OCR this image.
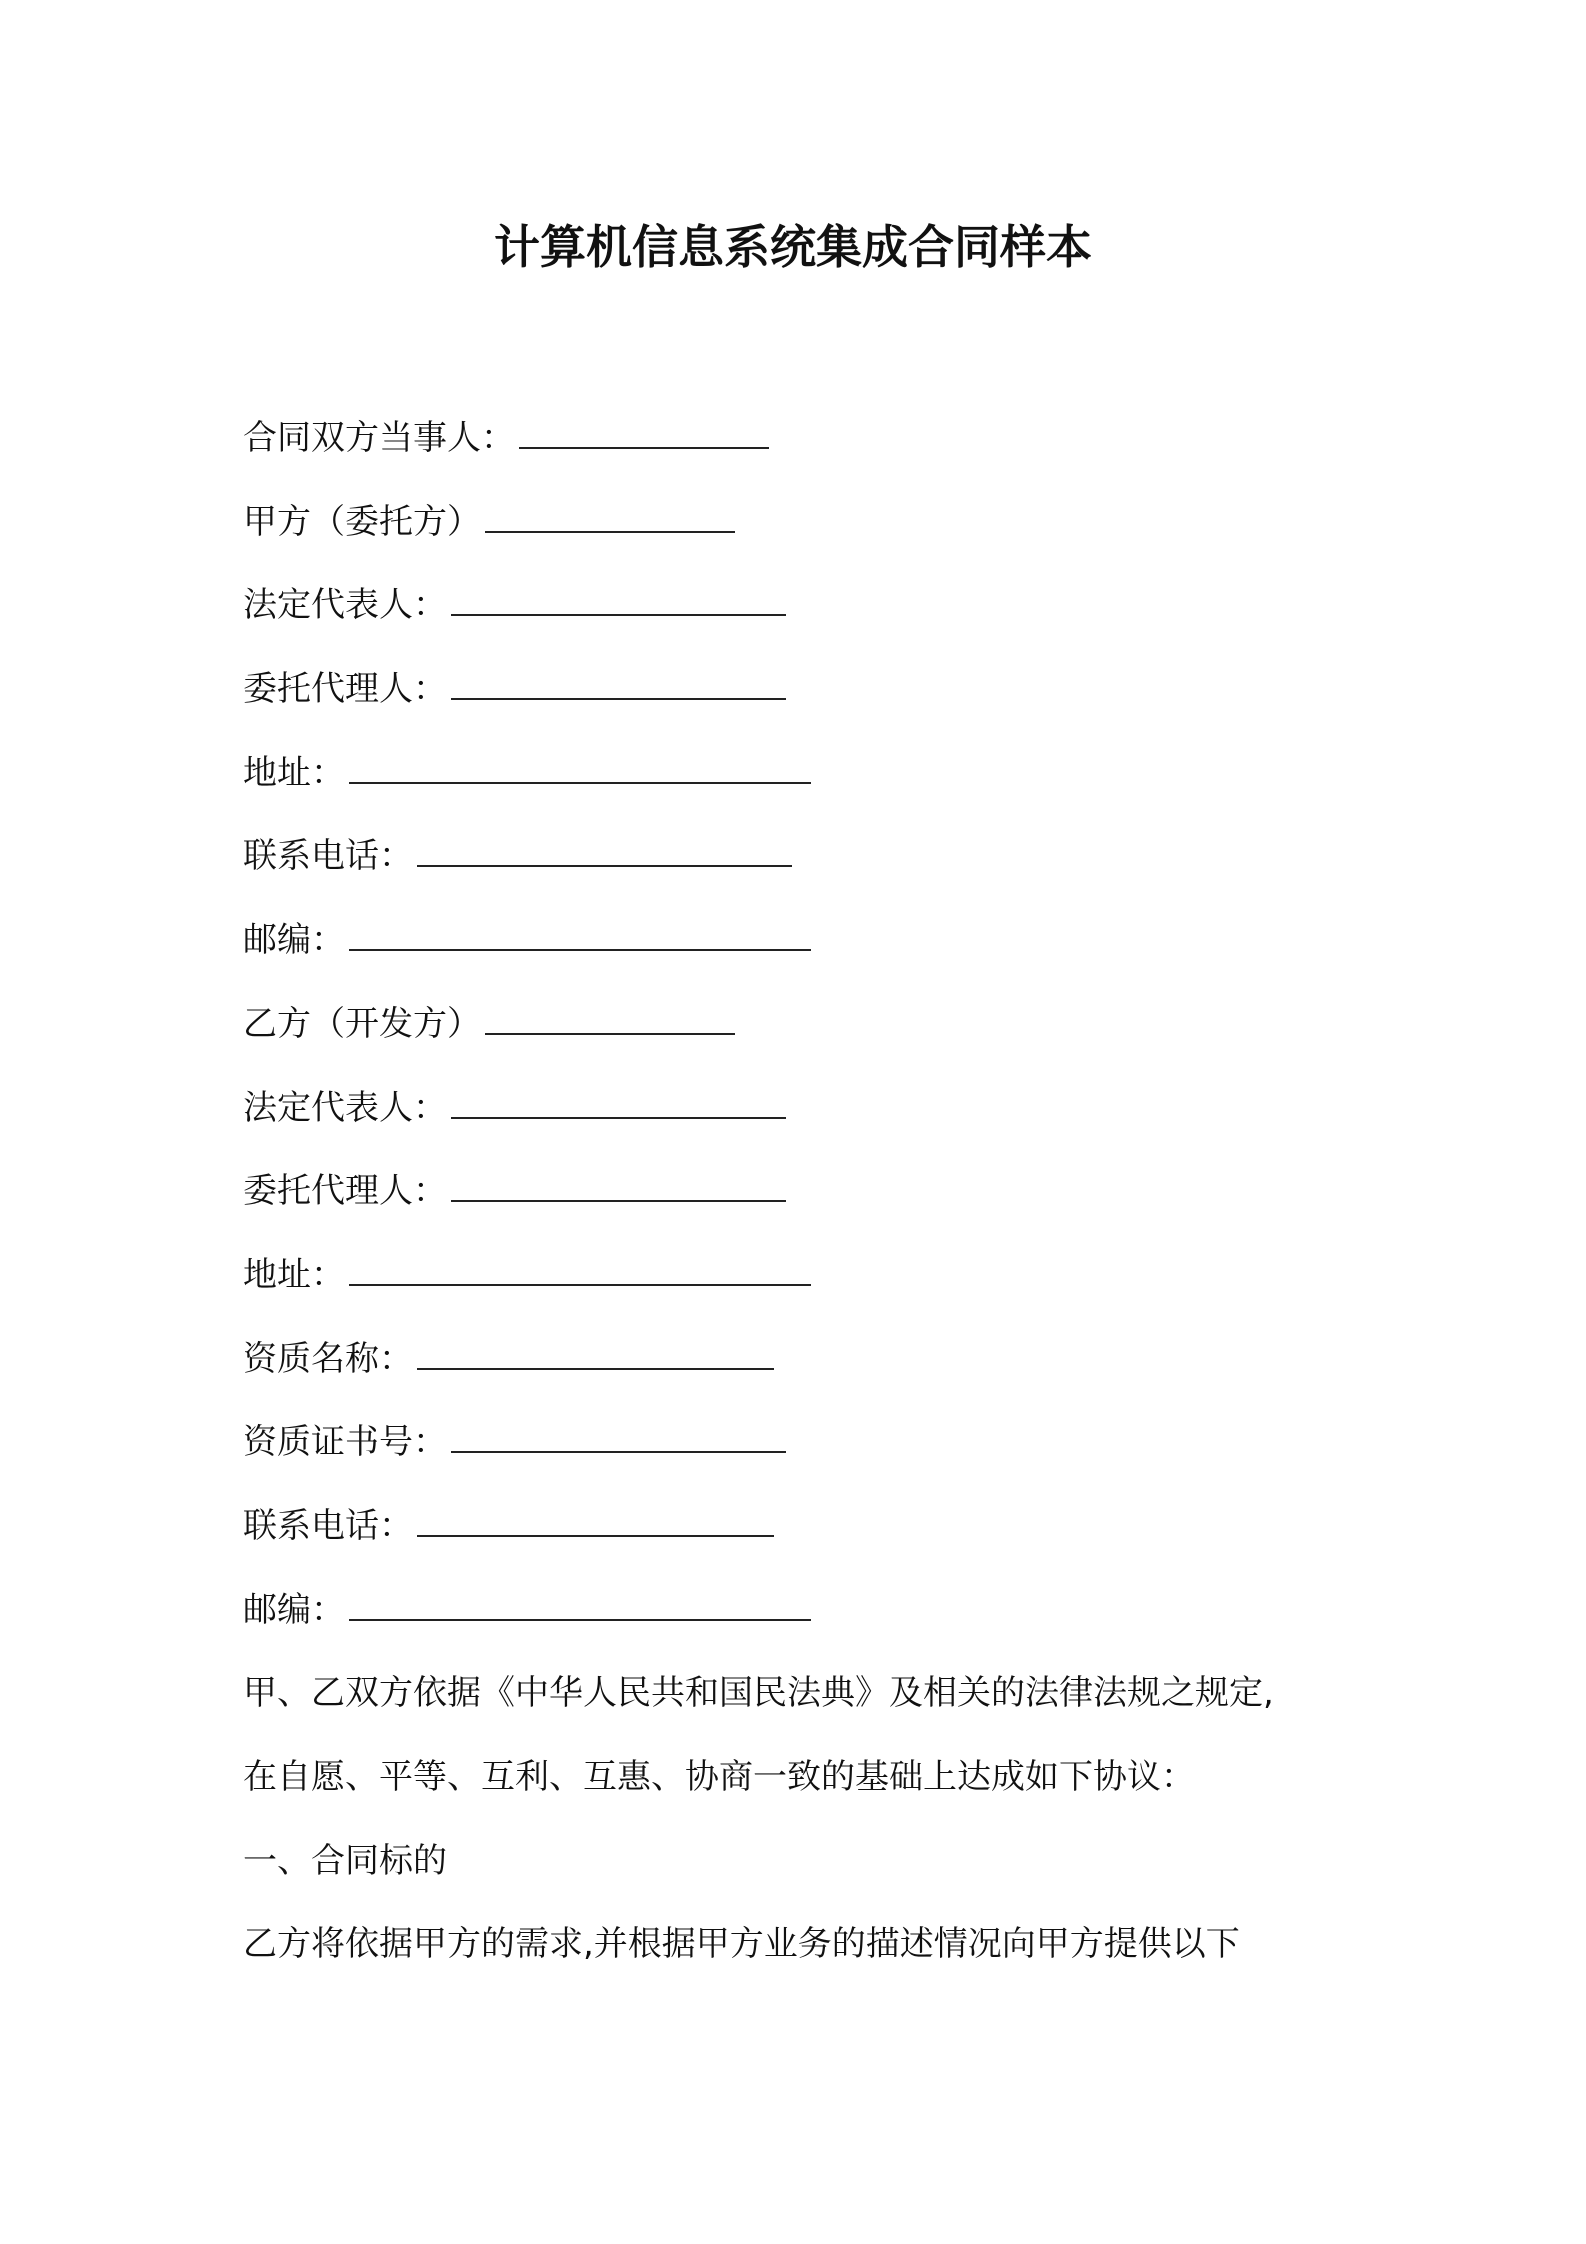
计算机信息系统集成合同样本
合同双方当事人：
甲方（委托方）
法定代表人：
委托代理人：
地址：
联系电话：
邮编：
乙方（开发方）
法定代表人：
委托代理人：
地址：
资质名称：
资质证书号：
联系电话：
邮编：
甲、乙双方依据《中华人民共和国民法典》及相关的法律法规之规定,
在自愿、平等、互利、互惠、协商一致的基础上达成如下协议：
一、合同标的
乙方将依据甲方的需求,并根据甲方业务的描述情况向甲方提供以下
